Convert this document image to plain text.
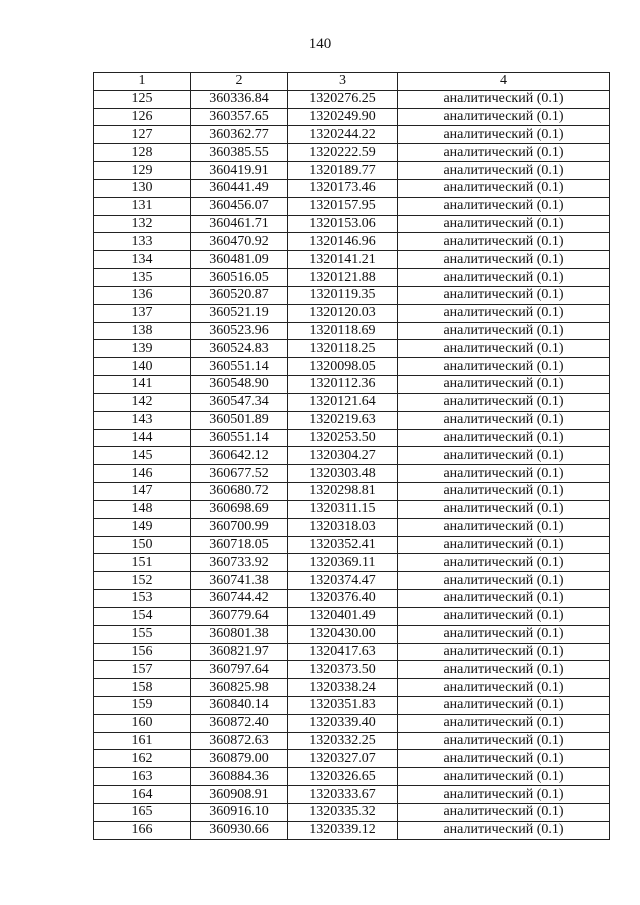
140
1	2	3	4
125	360336.84	1320276.25	аналитический (0.1)
126	360357.65	1320249.90	аналитический (0.1)
127	360362.77	1320244.22	аналитический (0.1)
128	360385.55	1320222.59	аналитический (0.1)
129	360419.91	1320189.77	аналитический (0.1)
130	360441.49	1320173.46	аналитический (0.1)
131	360456.07	1320157.95	аналитический (0.1)
132	360461.71	1320153.06	аналитический (0.1)
133	360470.92	1320146.96	аналитический (0.1)
134	360481.09	1320141.21	аналитический (0.1)
135	360516.05	1320121.88	аналитический (0.1)
136	360520.87	1320119.35	аналитический (0.1)
137	360521.19	1320120.03	аналитический (0.1)
138	360523.96	1320118.69	аналитический (0.1)
139	360524.83	1320118.25	аналитический (0.1)
140	360551.14	1320098.05	аналитический (0.1)
141	360548.90	1320112.36	аналитический (0.1)
142	360547.34	1320121.64	аналитический (0.1)
143	360501.89	1320219.63	аналитический (0.1)
144	360551.14	1320253.50	аналитический (0.1)
145	360642.12	1320304.27	аналитический (0.1)
146	360677.52	1320303.48	аналитический (0.1)
147	360680.72	1320298.81	аналитический (0.1)
148	360698.69	1320311.15	аналитический (0.1)
149	360700.99	1320318.03	аналитический (0.1)
150	360718.05	1320352.41	аналитический (0.1)
151	360733.92	1320369.11	аналитический (0.1)
152	360741.38	1320374.47	аналитический (0.1)
153	360744.42	1320376.40	аналитический (0.1)
154	360779.64	1320401.49	аналитический (0.1)
155	360801.38	1320430.00	аналитический (0.1)
156	360821.97	1320417.63	аналитический (0.1)
157	360797.64	1320373.50	аналитический (0.1)
158	360825.98	1320338.24	аналитический (0.1)
159	360840.14	1320351.83	аналитический (0.1)
160	360872.40	1320339.40	аналитический (0.1)
161	360872.63	1320332.25	аналитический (0.1)
162	360879.00	1320327.07	аналитический (0.1)
163	360884.36	1320326.65	аналитический (0.1)
164	360908.91	1320333.67	аналитический (0.1)
165	360916.10	1320335.32	аналитический (0.1)
166	360930.66	1320339.12	аналитический (0.1)
